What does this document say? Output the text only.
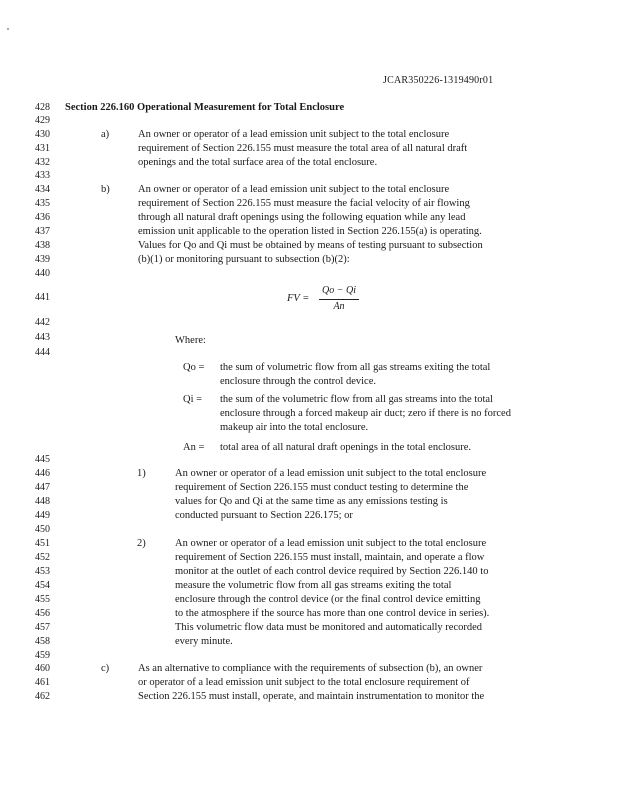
JCAR350226-1319490r01
428
429
430
431
432
433
434
435
436
437
438
439
440
441
442
443
444
445
446
447
448
449
450
451
452
453
454
455
456
457
458
459
460
461
462
Section 226.160 Operational Measurement for Total Enclosure
a)	An owner or operator of a lead emission unit subject to the total enclosure
requirement of Section 226.155 must measure the total area of all natural draft
openings and the total surface area of the total enclosure.
b)	An owner or operator of a lead emission unit subject to the total enclosure
requirement of Section 226.155 must measure the facial velocity of air flowing
through all natural draft openings using the following equation while any lead
emission unit applicable to the operation listed in Section 226.155(a) is operating.
Values for Qo and Qi must be obtained by means of testing pursuant to subsection
(b)(1) or monitoring pursuant to subsection (b)(2):
FV =
Qo − Qi
An
Where:
Qo = the sum of volumetric flow from all gas streams exiting the total
enclosure through the control device.
Qi = the sum of the volumetric flow from all gas streams into the total
enclosure through a forced makeup air duct; zero if there is no forced
makeup air into the total enclosure.
An = total area of all natural draft openings in the total enclosure.
1)	An owner or operator of a lead emission unit subject to the total enclosure
requirement of Section 226.155 must conduct testing to determine the
values for Qo and Qi at the same time as any emissions testing is
conducted pursuant to Section 226.175; or
2)	An owner or operator of a lead emission unit subject to the total enclosure
requirement of Section 226.155 must install, maintain, and operate a flow
monitor at the outlet of each control device required by Section 226.140 to
measure the volumetric flow from all gas streams exiting the total
enclosure through the control device (or the final control device emitting
to the atmosphere if the source has more than one control device in series).
This volumetric flow data must be monitored and automatically recorded
every minute.
c)	As an alternative to compliance with the requirements of subsection (b), an owner
or operator of a lead emission unit subject to the total enclosure requirement of
Section 226.155 must install, operate, and maintain instrumentation to monitor the
